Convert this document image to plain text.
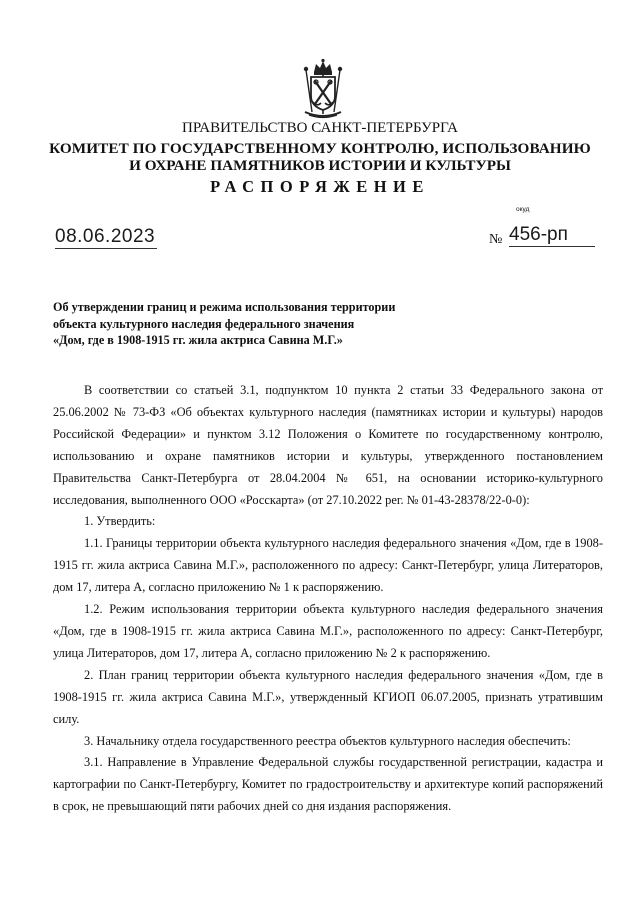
ПРАВИТЕЛЬСТВО САНКТ-ПЕТЕРБУРГА
КОМИТЕТ ПО ГОСУДАРСТВЕННОМУ КОНТРОЛЮ, ИСПОЛЬЗОВАНИЮ
И ОХРАНЕ ПАМЯТНИКОВ ИСТОРИИ И КУЛЬТУРЫ
РАСПОРЯЖЕНИЕ
окуд
08.06.2023	№ 456-рп
Об утверждении границ и режима использования территории
объекта культурного наследия федерального значения
«Дом, где в 1908-1915 гг. жила актриса Савина М.Г.»

В соответствии со статьей 3.1, подпунктом 10 пункта 2 статьи 33 Федерального закона от 25.06.2002 № 73-ФЗ «Об объектах культурного наследия (памятниках истории и культуры) народов Российской Федерации» и пунктом 3.12 Положения о Комитете по государственному контролю, использованию и охране памятников истории и культуры, утвержденного постановлением Правительства Санкт-Петербурга от 28.04.2004 № 651, на основании историко-культурного исследования, выполненного ООО «Росскарта» (от 27.10.2022 рег. № 01-43-28378/22-0-0):

1. Утвердить:

1.1. Границы территории объекта культурного наследия федерального значения «Дом, где в 1908-1915 гг. жила актриса Савина М.Г.», расположенного по адресу: Санкт-Петербург, улица Литераторов, дом 17, литера А, согласно приложению № 1 к распоряжению.

1.2. Режим использования территории объекта культурного наследия федерального значения «Дом, где в 1908-1915 гг. жила актриса Савина М.Г.», расположенного по адресу: Санкт-Петербург, улица Литераторов, дом 17, литера А, согласно приложению № 2 к распоряжению.

2. План границ территории объекта культурного наследия федерального значения «Дом, где в 1908-1915 гг. жила актриса Савина М.Г.», утвержденный КГИОП 06.07.2005, признать утратившим силу.

3. Начальнику отдела государственного реестра объектов культурного наследия обеспечить:

3.1. Направление в Управление Федеральной службы государственной регистрации, кадастра и картографии по Санкт-Петербургу, Комитет по градостроительству и архитектуре копий распоряжений в срок, не превышающий пяти рабочих дней со дня издания распоряжения.
